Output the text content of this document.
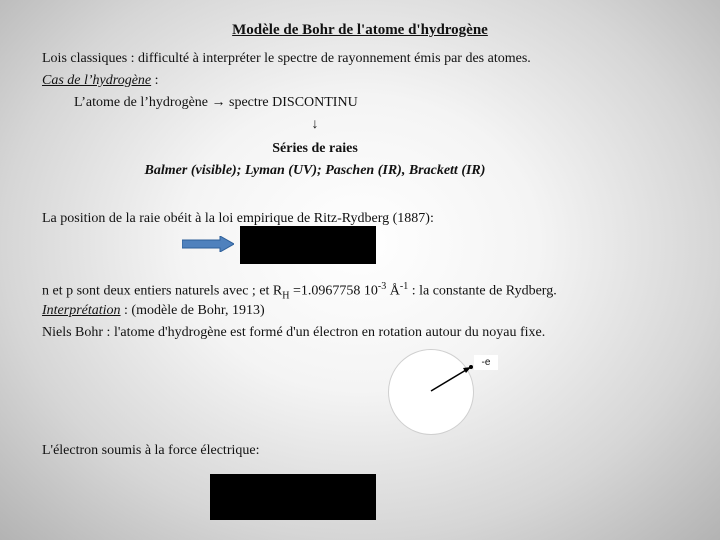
Modèle de Bohr de l'atome d'hydrogène
Lois classiques : difficulté à interpréter le spectre de rayonnement émis par des atomes.
Cas de l’hydrogène :
L’atome de l’hydrogène → spectre DISCONTINU
↓
Séries de raies
Balmer (visible); Lyman (UV); Paschen (IR), Brackett (IR)
La position de la raie obéit à la loi empirique de Ritz-Rydberg (1887):
n et p sont deux entiers naturels avec ; et $R_H =1.0967758$ $10^{-3}$ $Å^{-1}$ : la constante de Rydberg.
Interprétation : (modèle de Bohr, 1913)
Niels Bohr : l'atome d'hydrogène est formé d'un électron en rotation autour du noyau fixe.
-e
L'électron soumis à la force électrique:
